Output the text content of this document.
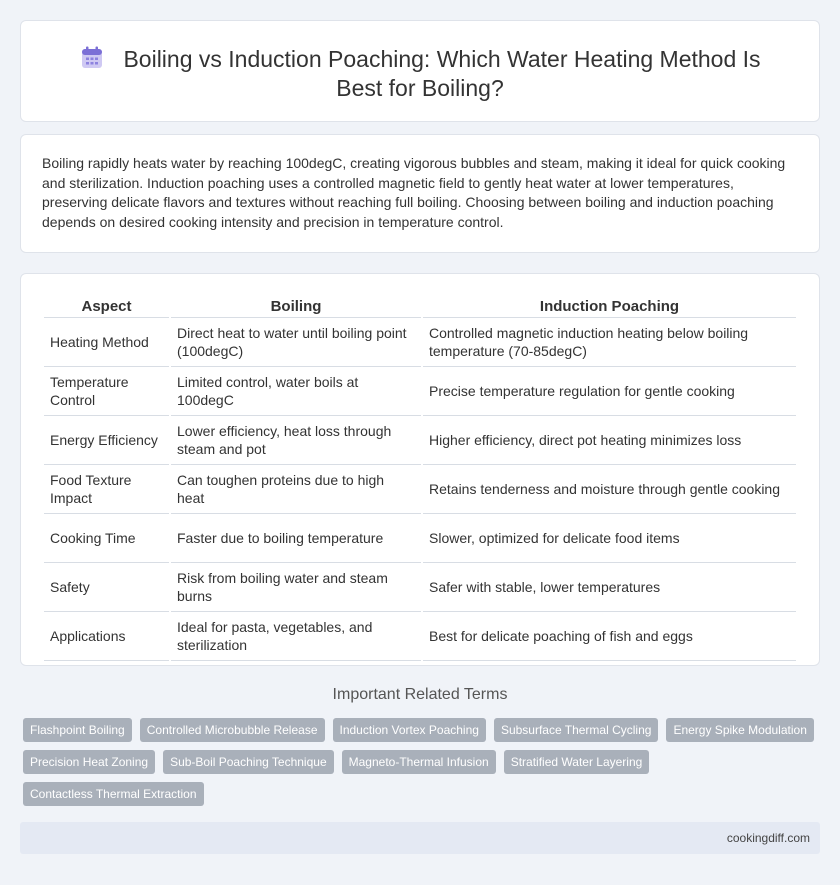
Boiling vs Induction Poaching: Which Water Heating Method Is Best for Boiling?

Boiling rapidly heats water by reaching 100degC, creating vigorous bubbles and steam, making it ideal for quick cooking and sterilization. Induction poaching uses a controlled magnetic field to gently heat water at lower temperatures, preserving delicate flavors and textures without reaching full boiling. Choosing between boiling and induction poaching depends on desired cooking intensity and precision in temperature control.

Aspect	Boiling	Induction Poaching
Heating Method	Direct heat to water until boiling point (100degC)	Controlled magnetic induction heating below boiling temperature (70-85degC)
Temperature Control	Limited control, water boils at 100degC	Precise temperature regulation for gentle cooking
Energy Efficiency	Lower efficiency, heat loss through steam and pot	Higher efficiency, direct pot heating minimizes loss
Food Texture Impact	Can toughen proteins due to high heat	Retains tenderness and moisture through gentle cooking
Cooking Time	Faster due to boiling temperature	Slower, optimized for delicate food items
Safety	Risk from boiling water and steam burns	Safer with stable, lower temperatures
Applications	Ideal for pasta, vegetables, and sterilization	Best for delicate poaching of fish and eggs
Important Related Terms
Flashpoint Boiling	Controlled Microbubble Release	Induction Vortex Poaching	Subsurface Thermal Cycling	Energy Spike Modulation
Precision Heat Zoning	Sub-Boil Poaching Technique	Magneto-Thermal Infusion	Stratified Water Layering
Contactless Thermal Extraction
cookingdiff.com
